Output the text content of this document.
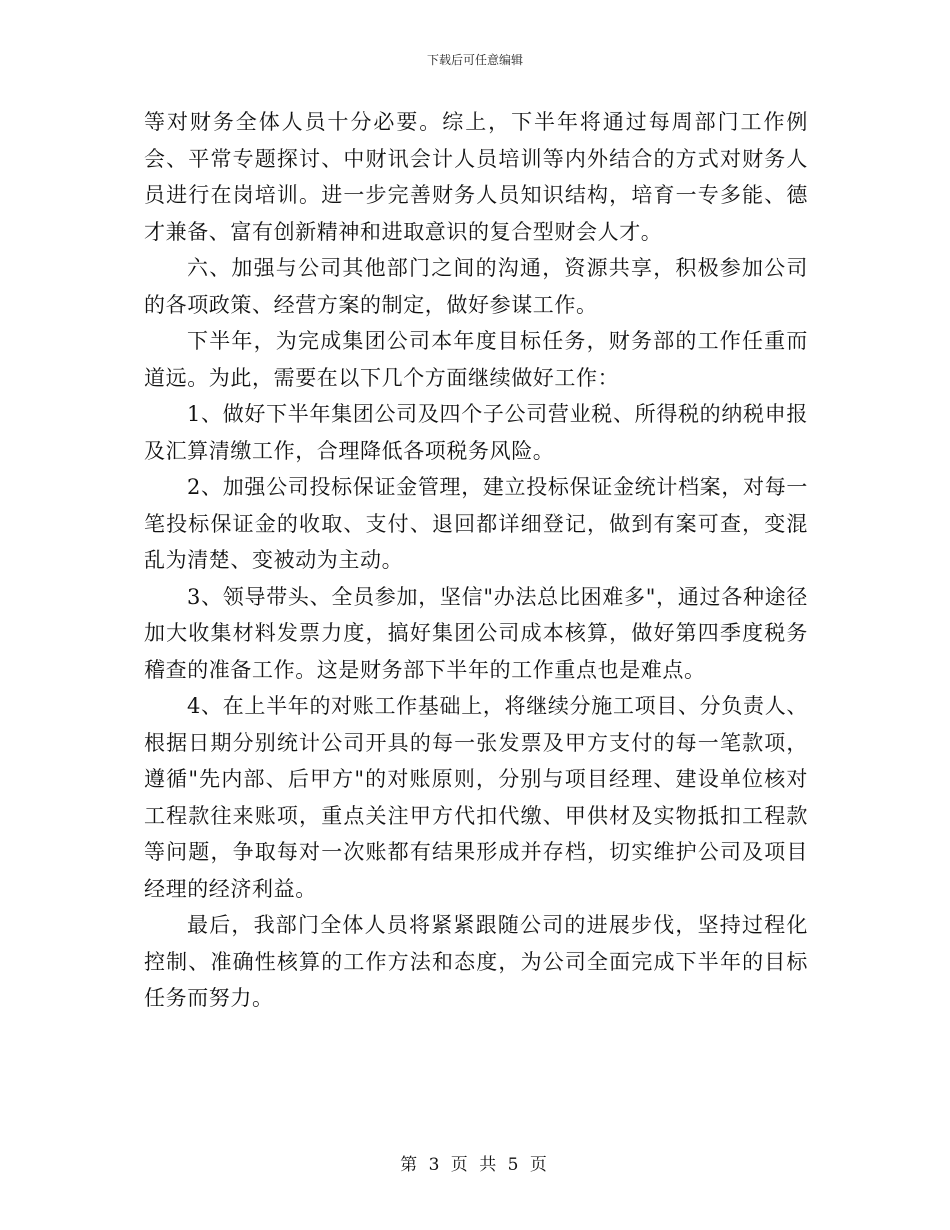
下载后可任意编辑

等对财务全体人员十分必要。综上，下半年将通过每周部门工作例会、平常专题探讨、中财讯会计人员培训等内外结合的方式对财务人员进行在岗培训。进一步完善财务人员知识结构，培育一专多能、德才兼备、富有创新精神和进取意识的复合型财会人才。

六、加强与公司其他部门之间的沟通，资源共享，积极参加公司的各项政策、经营方案的制定，做好参谋工作。

下半年，为完成集团公司本年度目标任务，财务部的工作任重而道远。为此，需要在以下几个方面继续做好工作：

1、做好下半年集团公司及四个子公司营业税、所得税的纳税申报及汇算清缴工作，合理降低各项税务风险。

2、加强公司投标保证金管理，建立投标保证金统计档案，对每一笔投标保证金的收取、支付、退回都详细登记，做到有案可查，变混乱为清楚、变被动为主动。

3、领导带头、全员参加，坚信"办法总比困难多"，通过各种途径加大收集材料发票力度，搞好集团公司成本核算，做好第四季度税务稽查的准备工作。这是财务部下半年的工作重点也是难点。

4、在上半年的对账工作基础上，将继续分施工项目、分负责人、根据日期分别统计公司开具的每一张发票及甲方支付的每一笔款项，遵循"先内部、后甲方"的对账原则，分别与项目经理、建设单位核对工程款往来账项，重点关注甲方代扣代缴、甲供材及实物抵扣工程款等问题，争取每对一次账都有结果形成并存档，切实维护公司及项目经理的经济利益。

最后，我部门全体人员将紧紧跟随公司的进展步伐，坚持过程化控制、准确性核算的工作方法和态度，为公司全面完成下半年的目标任务而努力。

第 3 页 共 5 页
